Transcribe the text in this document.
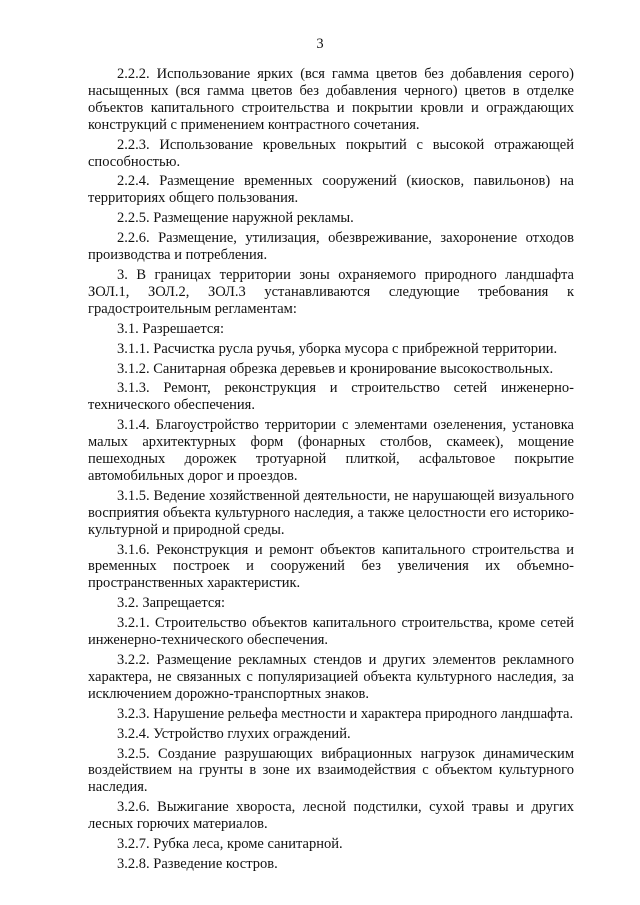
3

2.2.2. Использование ярких (вся гамма цветов без добавления серого) насыщенных (вся гамма цветов без добавления черного) цветов в отделке объектов капитального строительства и покрытии кровли и ограждающих конструкций с применением контрастного сочетания.

2.2.3. Использование кровельных покрытий с высокой отражающей способностью.

2.2.4. Размещение временных сооружений (киосков, павильонов) на территориях общего пользования.

2.2.5. Размещение наружной рекламы.

2.2.6. Размещение, утилизация, обезвреживание, захоронение отходов производства и потребления.

3. В границах территории зоны охраняемого природного ландшафта ЗОЛ.1, ЗОЛ.2, ЗОЛ.3 устанавливаются следующие требования к градостроительным регламентам:

3.1. Разрешается:

3.1.1. Расчистка русла ручья, уборка мусора с прибрежной территории.

3.1.2. Санитарная обрезка деревьев и кронирование высокоствольных.

3.1.3. Ремонт, реконструкция и строительство сетей инженерно-технического обеспечения.

3.1.4. Благоустройство территории с элементами озеленения, установка малых архитектурных форм (фонарных столбов, скамеек), мощение пешеходных дорожек тротуарной плиткой, асфальтовое покрытие автомобильных дорог и проездов.

3.1.5. Ведение хозяйственной деятельности, не нарушающей визуального восприятия объекта культурного наследия, а также целостности его историко-культурной и природной среды.

3.1.6. Реконструкция и ремонт объектов капитального строительства и временных построек и сооружений без увеличения их объемно-пространственных характеристик.

3.2. Запрещается:

3.2.1. Строительство объектов капитального строительства, кроме сетей инженерно-технического обеспечения.

3.2.2. Размещение рекламных стендов и других элементов рекламного характера, не связанных с популяризацией объекта культурного наследия, за исключением дорожно-транспортных знаков.

3.2.3. Нарушение рельефа местности и характера природного ландшафта.

3.2.4. Устройство глухих ограждений.

3.2.5. Создание разрушающих вибрационных нагрузок динамическим воздействием на грунты в зоне их взаимодействия с объектом культурного наследия.

3.2.6. Выжигание хвороста, лесной подстилки, сухой травы и других лесных горючих материалов.

3.2.7. Рубка леса, кроме санитарной.

3.2.8. Разведение костров.
